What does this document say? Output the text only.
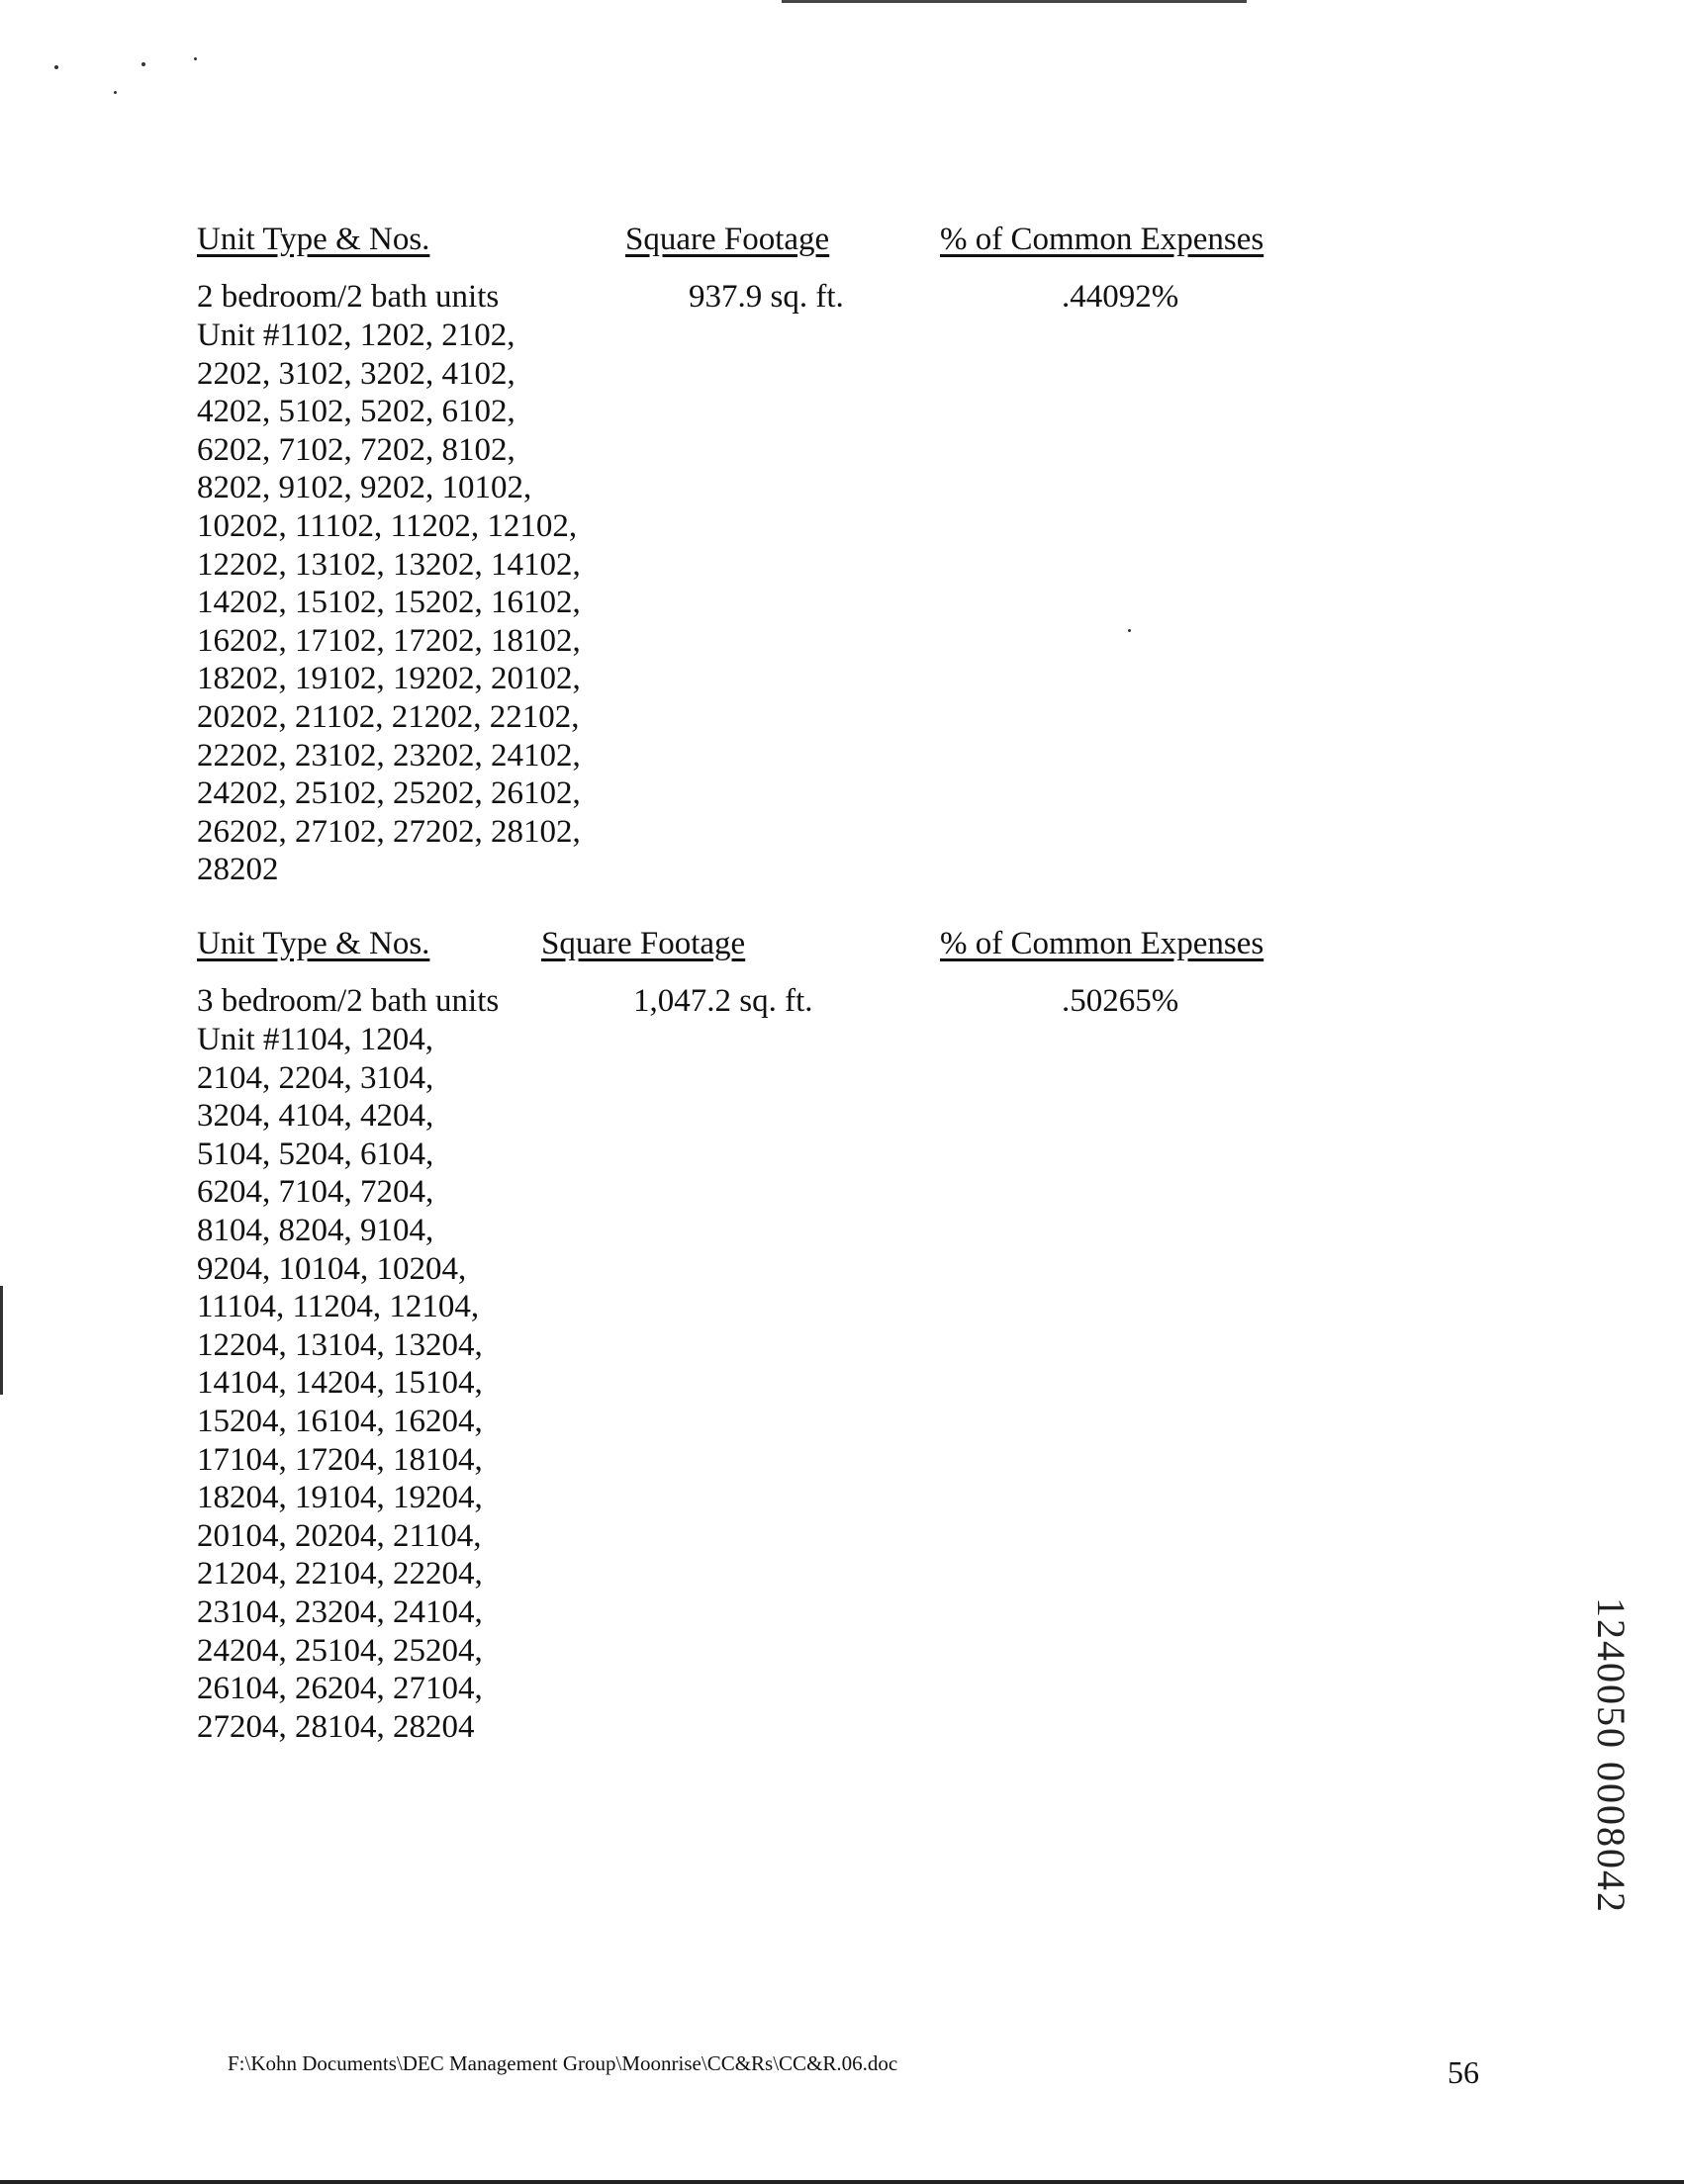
Unit Type & Nos.	Square Footage	% of Common Expenses
2 bedroom/2 bath units	937.9 sq. ft.	.44092%
Unit #1102, 1202, 2102,
2202, 3102, 3202, 4102,
4202, 5102, 5202, 6102,
6202, 7102, 7202, 8102,
8202, 9102, 9202, 10102,
10202, 11102, 11202, 12102,
12202, 13102, 13202, 14102,
14202, 15102, 15202, 16102,
16202, 17102, 17202, 18102,
18202, 19102, 19202, 20102,
20202, 21102, 21202, 22102,
22202, 23102, 23202, 24102,
24202, 25102, 25202, 26102,
26202, 27102, 27202, 28102,
28202
Unit Type & Nos.	Square Footage	% of Common Expenses
3 bedroom/2 bath units	1,047.2 sq. ft.	.50265%
Unit #1104, 1204,
2104, 2204, 3104,
3204, 4104, 4204,
5104, 5204, 6104,
6204, 7104, 7204,
8104, 8204, 9104,
9204, 10104, 10204,
11104, 11204, 12104,
12204, 13104, 13204,
14104, 14204, 15104,
15204, 16104, 16204,
17104, 17204, 18104,
18204, 19104, 19204,
20104, 20204, 21104,
21204, 22104, 22204,
23104, 23204, 24104,
24204, 25104, 25204,
26104, 26204, 27104,
27204, 28104, 28204	1240050 0008042
F:\Kohn Documents\DEC Management Group\Moonrise\CC&Rs\CC&R.06.doc	56
